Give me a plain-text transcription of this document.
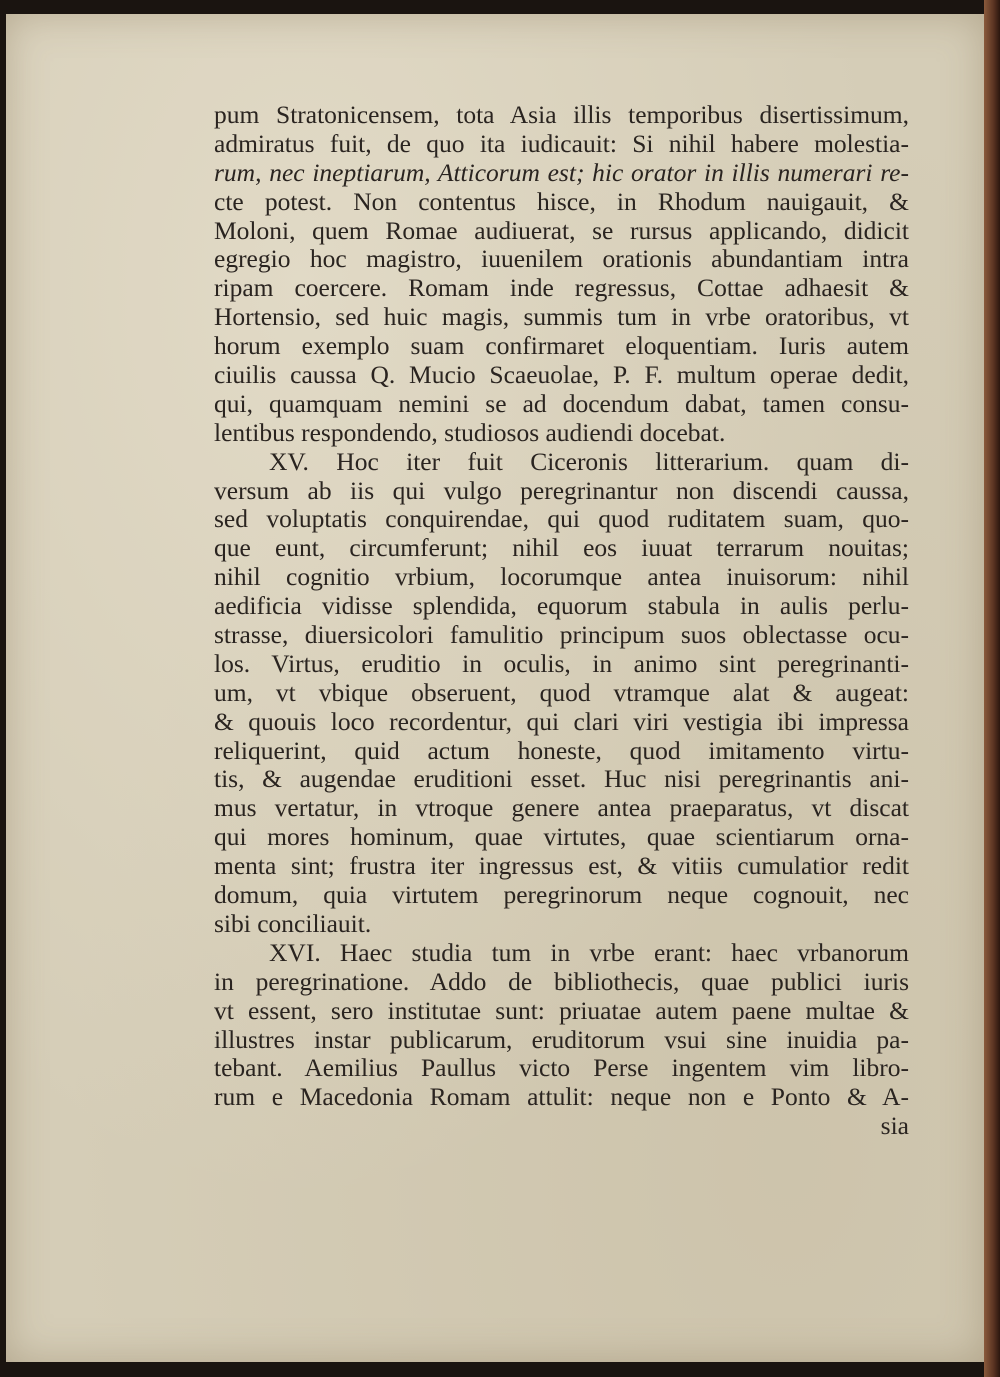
pum Stratonicensem, tota Asia illis temporibus disertissimum,
admiratus fuit, de quo ita iudicauit: Si nihil habere molestia-
rum, nec ineptiarum, Atticorum est; hic orator in illis numerari re-
cte potest. Non contentus hisce, in Rhodum nauigauit, &
Moloni, quem Romae audiuerat, se rursus applicando, didicit
egregio hoc magistro, iuuenilem orationis abundantiam intra
ripam coercere. Romam inde regressus, Cottae adhaesit &
Hortensio, sed huic magis, summis tum in vrbe oratoribus, vt
horum exemplo suam confirmaret eloquentiam. Iuris autem
ciuilis caussa Q. Mucio Scaeuolae, P. F. multum operae dedit,
qui, quamquam nemini se ad docendum dabat, tamen consu-
lentibus respondendo, studiosos audiendi docebat.
XV. Hoc iter fuit Ciceronis litterarium. quam di-
versum ab iis qui vulgo peregrinantur non discendi caussa,
sed voluptatis conquirendae, qui quod ruditatem suam, quo-
que eunt, circumferunt; nihil eos iuuat terrarum nouitas;
nihil cognitio vrbium, locorumque antea inuisorum: nihil
aedificia vidisse splendida, equorum stabula in aulis perlu-
strasse, diuersicolori famulitio principum suos oblectasse ocu-
los. Virtus, eruditio in oculis, in animo sint peregrinanti-
um, vt vbique obseruent, quod vtramque alat & augeat:
& quouis loco recordentur, qui clari viri vestigia ibi impressa
reliquerint, quid actum honeste, quod imitamento virtu-
tis, & augendae eruditioni esset. Huc nisi peregrinantis ani-
mus vertatur, in vtroque genere antea praeparatus, vt discat
qui mores hominum, quae virtutes, quae scientiarum orna-
menta sint; frustra iter ingressus est, & vitiis cumulatior redit
domum, quia virtutem peregrinorum neque cognouit, nec
sibi conciliauit.
XVI. Haec studia tum in vrbe erant: haec vrbanorum
in peregrinatione. Addo de bibliothecis, quae publici iuris
vt essent, sero institutae sunt: priuatae autem paene multae &
illustres instar publicarum, eruditorum vsui sine inuidia pa-
tebant. Aemilius Paullus victo Perse ingentem vim libro-
rum e Macedonia Romam attulit: neque non e Ponto & A-
sia
